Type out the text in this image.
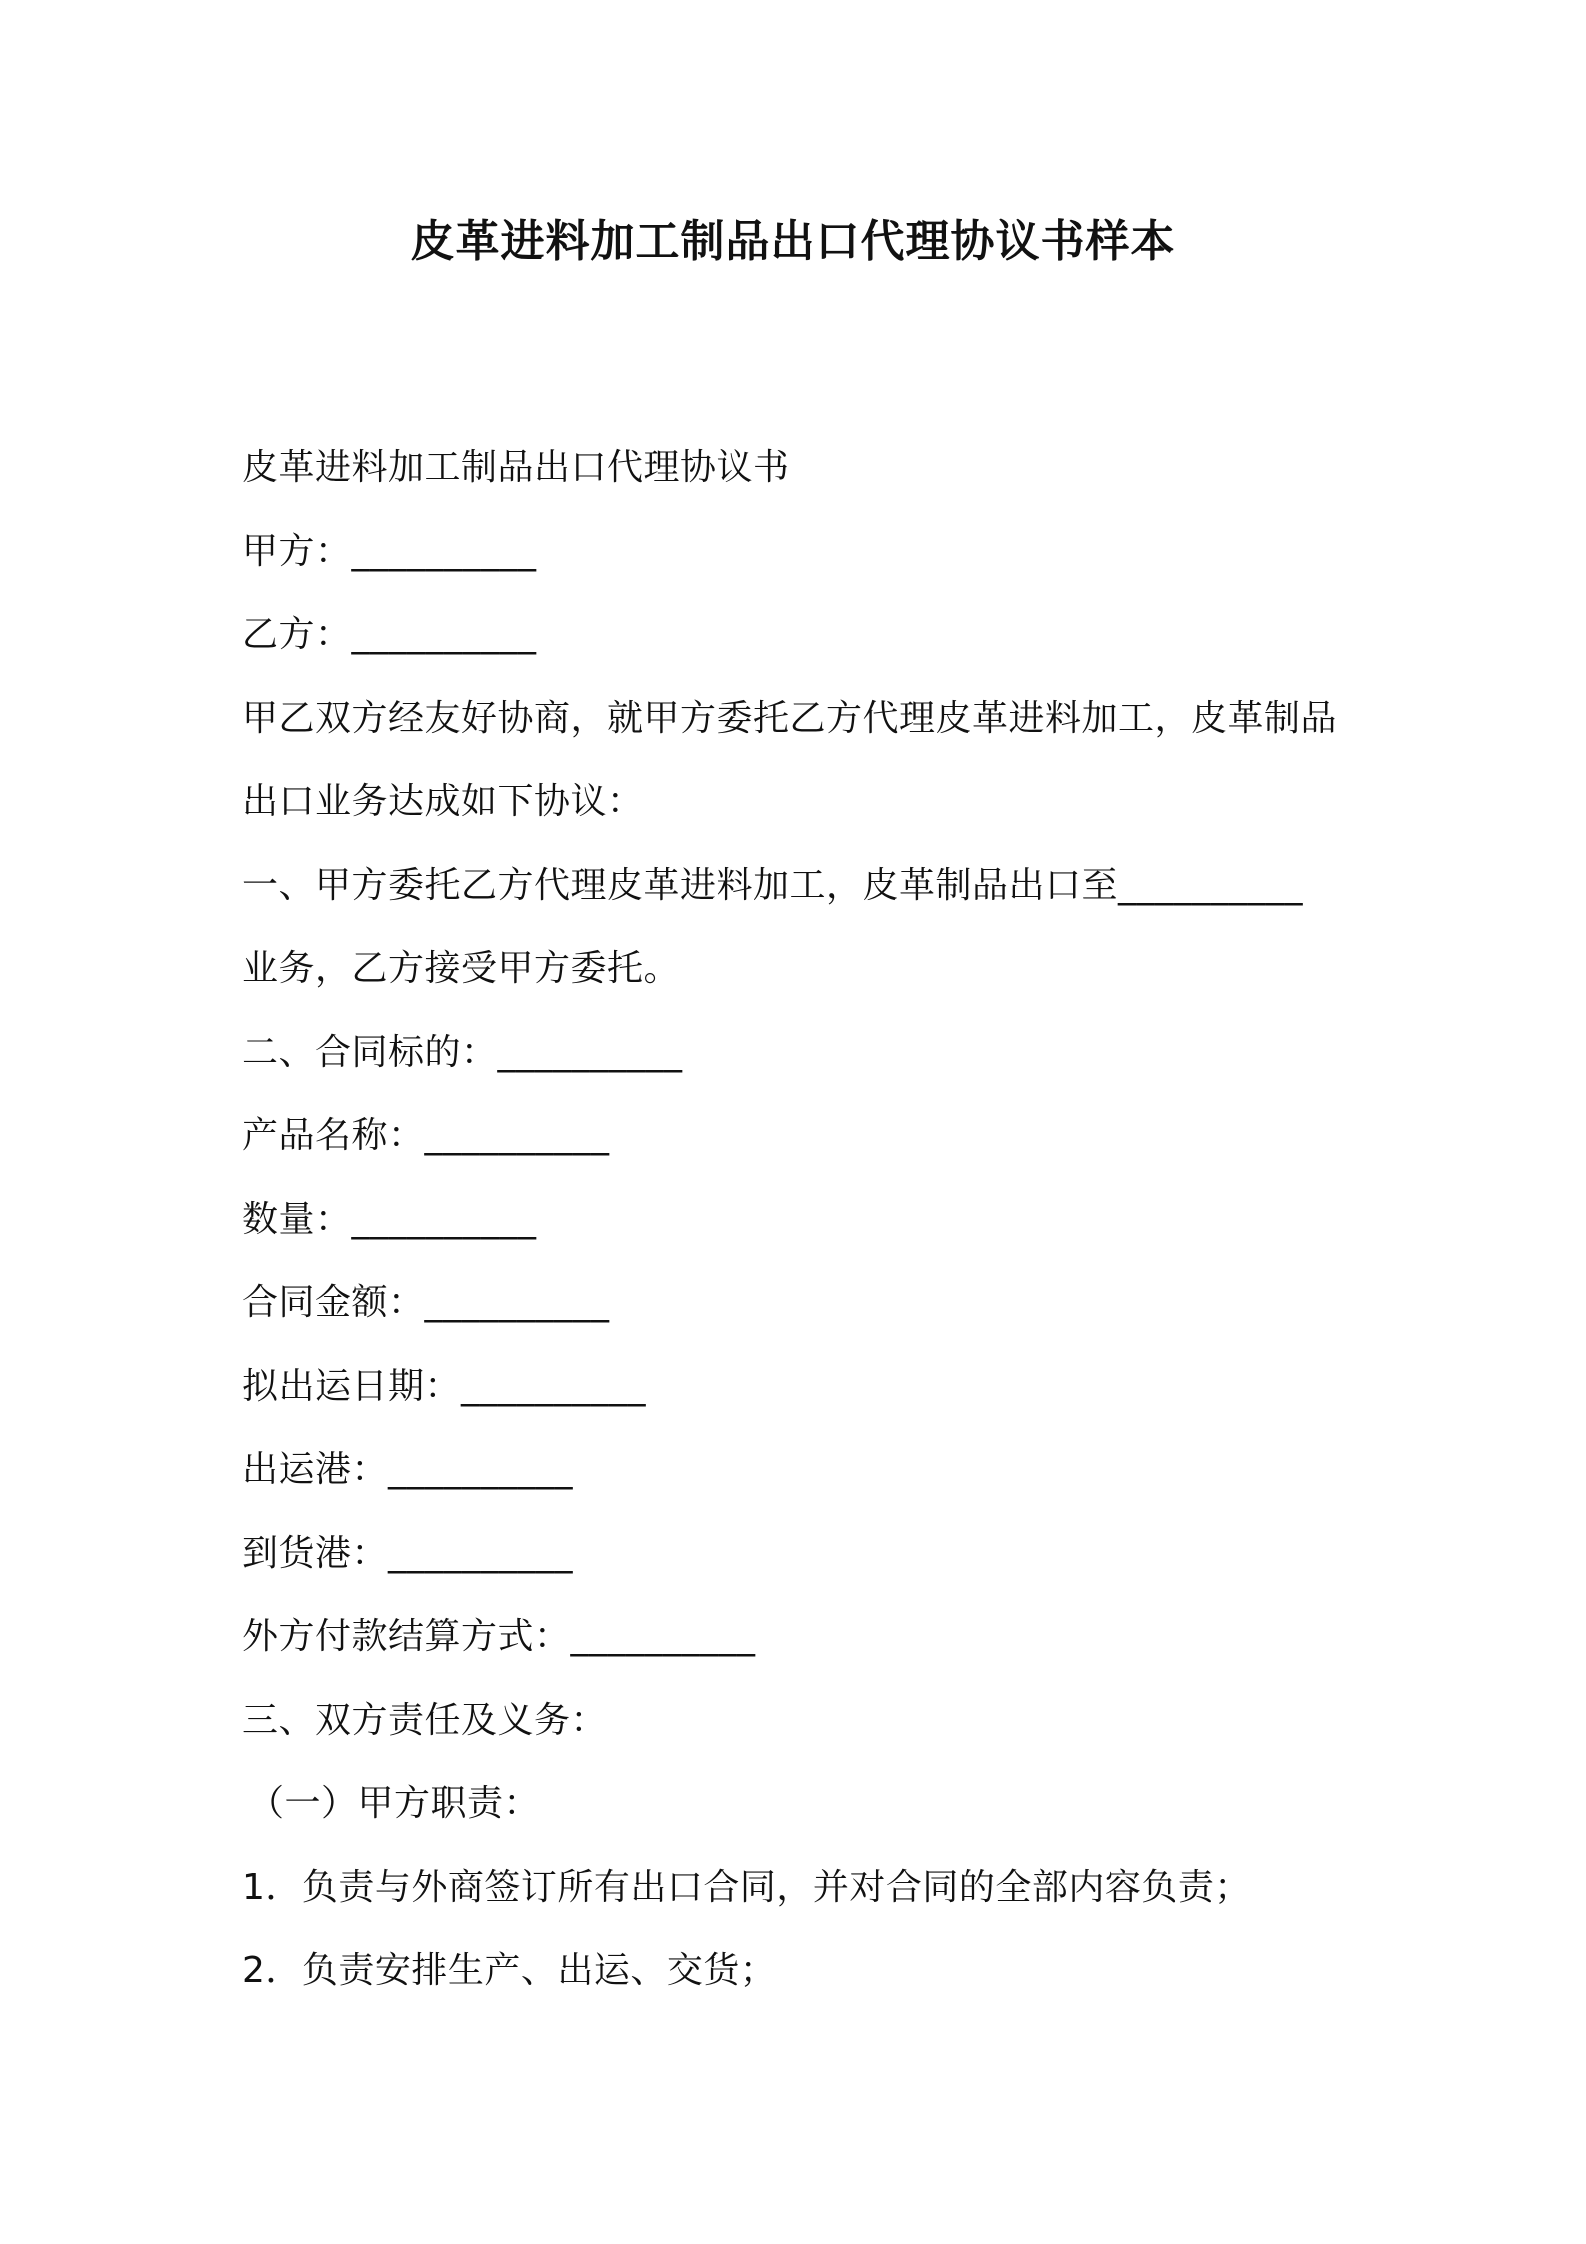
皮革进料加工制品出口代理协议书样本
皮革进料加工制品出口代理协议书
甲方：__________
乙方：__________
甲乙双方经友好协商，就甲方委托乙方代理皮革进料加工，皮革制品
出口业务达成如下协议：
一、甲方委托乙方代理皮革进料加工，皮革制品出口至__________
业务，乙方接受甲方委托。
二、合同标的：__________
产品名称：__________
数量：__________
合同金额：__________
拟出运日期：__________
出运港：__________
到货港：__________
外方付款结算方式：__________
三、双方责任及义务：
（一）甲方职责：
1．负责与外商签订所有出口合同，并对合同的全部内容负责；
2．负责安排生产、出运、交货；
